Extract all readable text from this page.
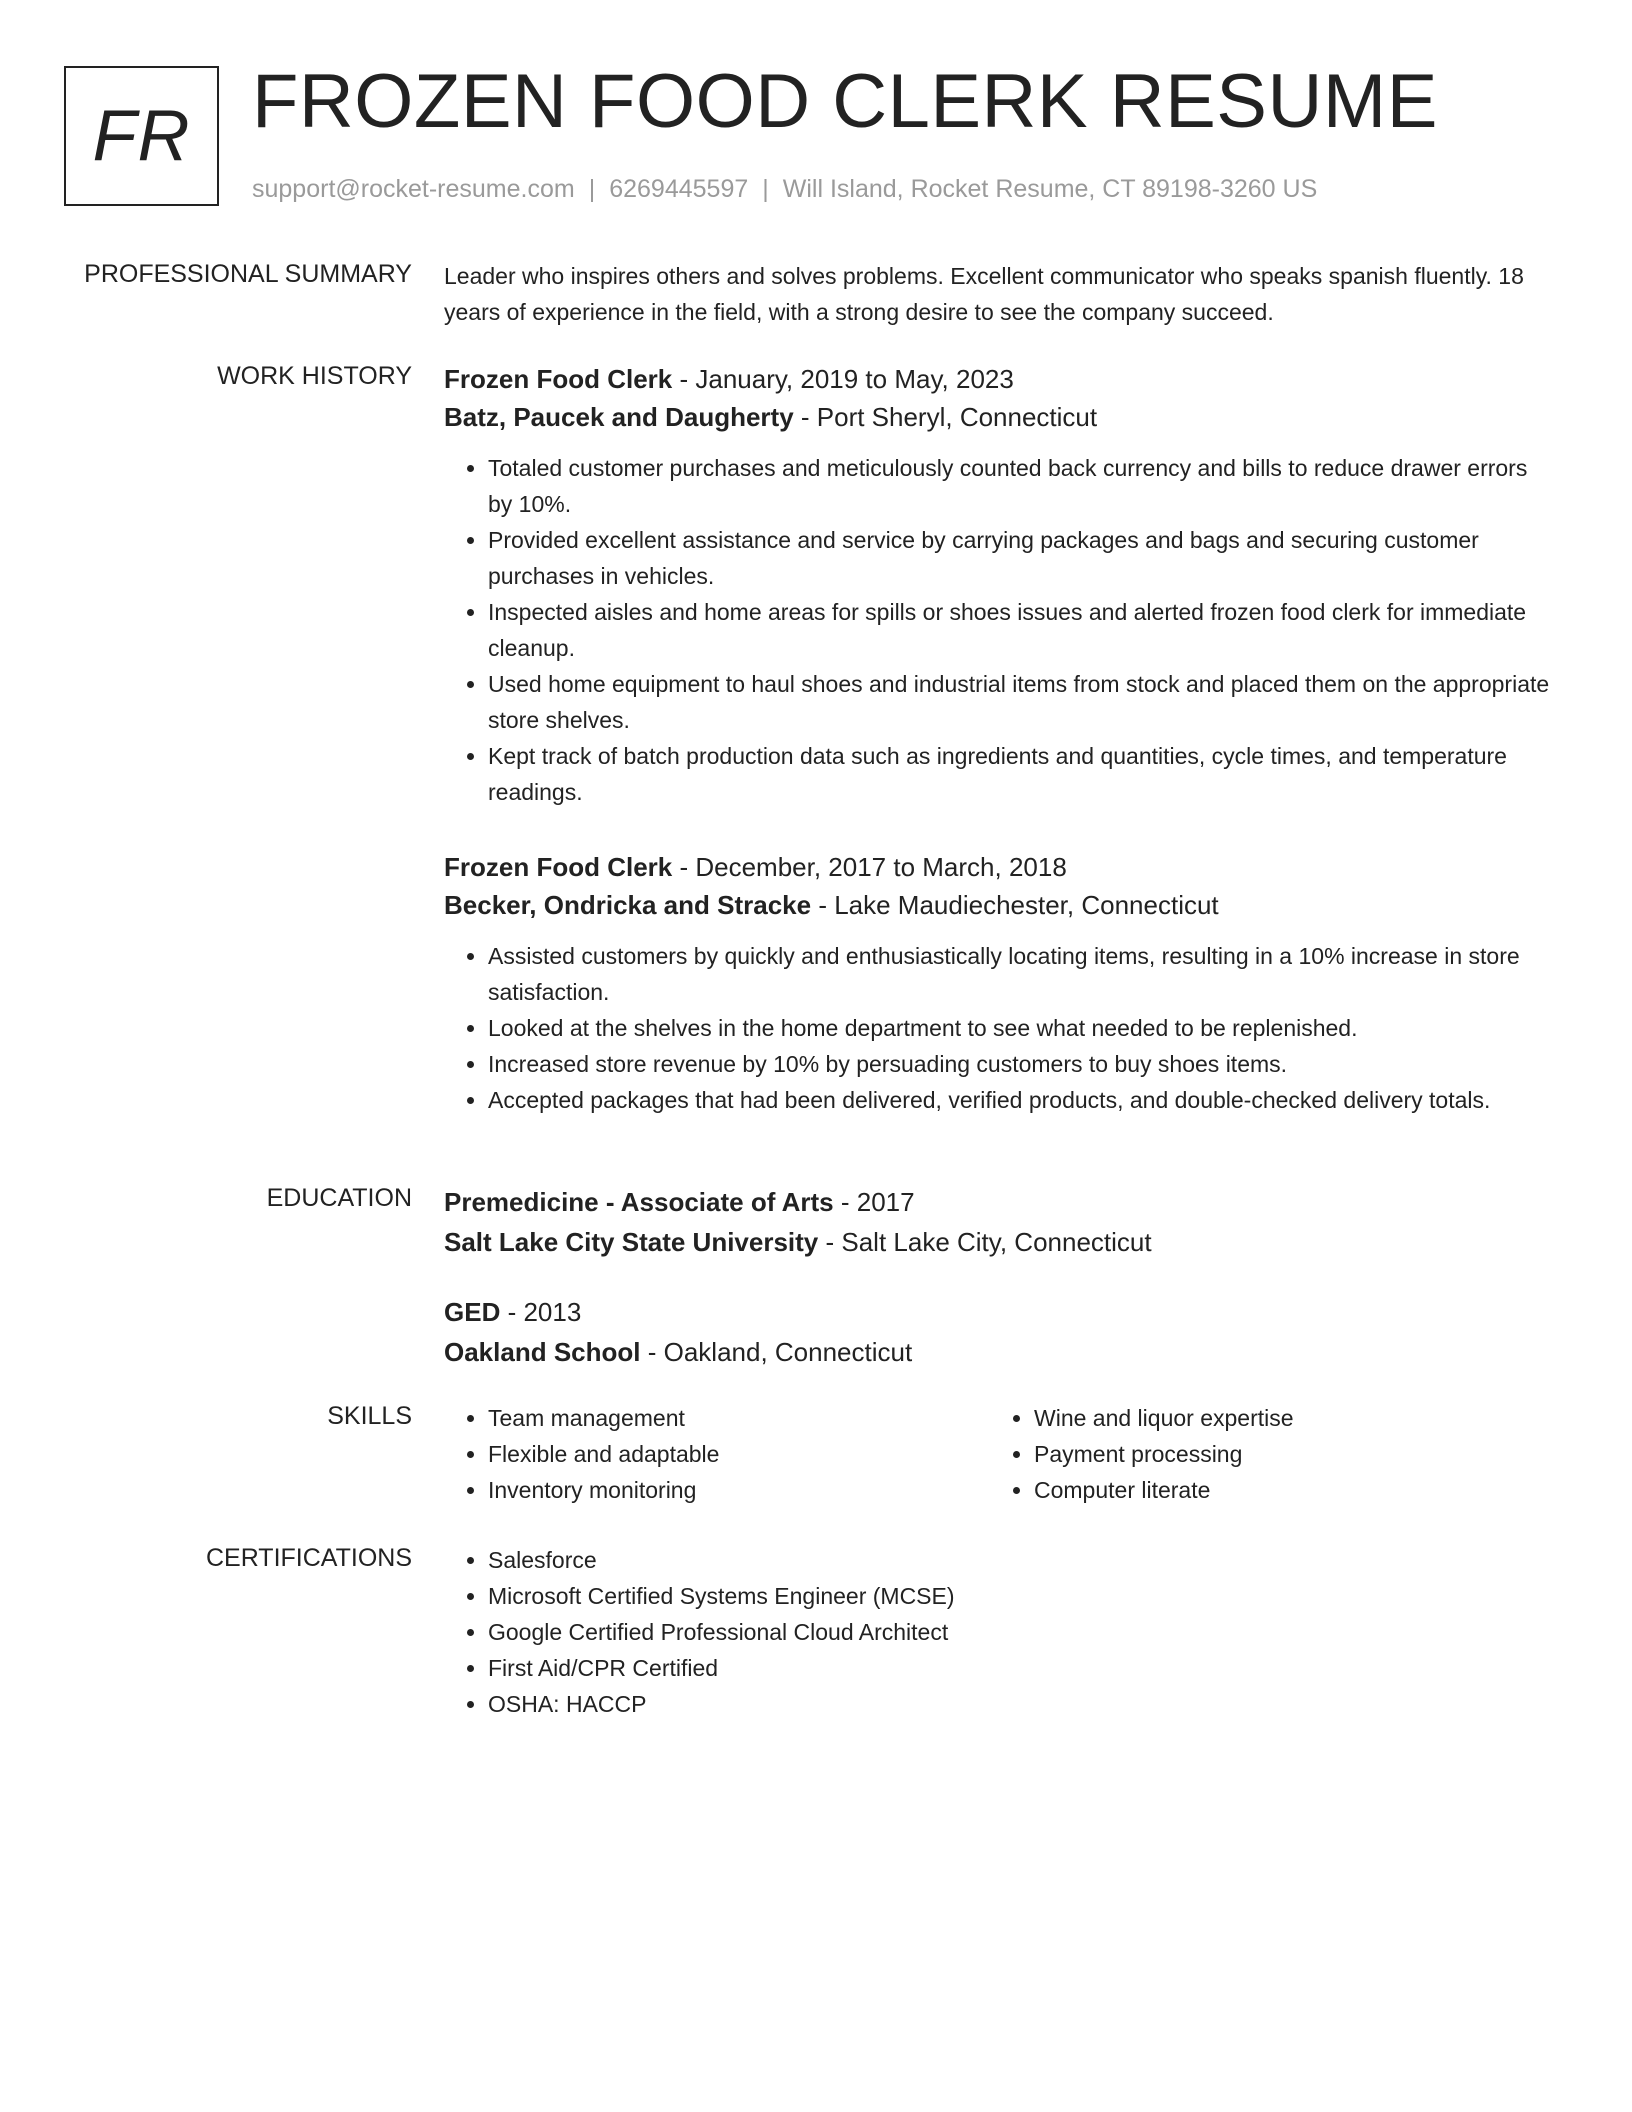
FR FROZEN FOOD CLERK RESUME
support@rocket-resume.com | 6269445597 | Will Island, Rocket Resume, CT 89198-3260 US
PROFESSIONAL SUMMARY Leader who inspires others and solves problems. Excellent communicator who speaks spanish fluently. 18 years of experience in the field, with a strong desire to see the company succeed.

WORK HISTORY Frozen Food Clerk - January, 2019 to May, 2023
Batz, Paucek and Daugherty - Port Sheryl, Connecticut
• Totaled customer purchases and meticulously counted back currency and bills to reduce drawer errors by 10%.
• Provided excellent assistance and service by carrying packages and bags and securing customer purchases in vehicles.
• Inspected aisles and home areas for spills or shoes issues and alerted frozen food clerk for immediate cleanup.
• Used home equipment to haul shoes and industrial items from stock and placed them on the appropriate store shelves.
• Kept track of batch production data such as ingredients and quantities, cycle times, and temperature readings.
Frozen Food Clerk - December, 2017 to March, 2018
Becker, Ondricka and Stracke - Lake Maudiechester, Connecticut
• Assisted customers by quickly and enthusiastically locating items, resulting in a 10% increase in store satisfaction.
• Looked at the shelves in the home department to see what needed to be replenished.
• Increased store revenue by 10% by persuading customers to buy shoes items.
• Accepted packages that had been delivered, verified products, and double-checked delivery totals.
EDUCATION Premedicine - Associate of Arts - 2017
Salt Lake City State University - Salt Lake City, Connecticut
GED - 2013
Oakland School - Oakland, Connecticut
SKILLS	• Team management
• Flexible and adaptable
• Inventory monitoring
• Wine and liquor expertise
• Payment processing
• Computer literate
CERTIFICATIONS	• Salesforce
• Microsoft Certified Systems Engineer (MCSE)
• Google Certified Professional Cloud Architect
• First Aid/CPR Certified
• OSHA: HACCP
